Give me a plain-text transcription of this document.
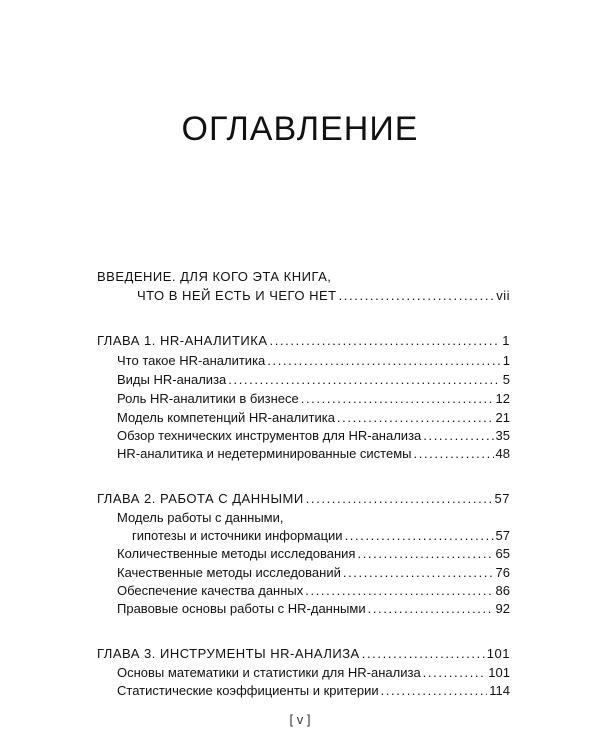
ОГЛАВЛЕНИЕ
ВВЕДЕНИЕ. ДЛЯ КОГО ЭТА КНИГА,
ЧТО В НЕЙ ЕСТЬ И ЧЕГО НЕТ . . .	vii
ГЛАВА 1. HR-АНАЛИТИКА . . .	1
Что такое HR-аналитика . . .	1
Виды HR-анализа . . .	5
Роль HR-аналитики в бизнесе . . .	12
Модель компетенций HR-аналитика . . .	21
Обзор технических инструментов для HR-анализа . . .	35
HR-аналитика и недетерминированные системы . . .	48
ГЛАВА 2. РАБОТА С ДАННЫМИ . . .	57
Модель работы с данными,
гипотезы и источники информации . . .	57
Количественные методы исследования . . .	65
Качественные методы исследований . . .	76
Обеспечение качества данных . . .	86
Правовые основы работы с HR-данными . . .	92
ГЛАВА 3. ИНСТРУМЕНТЫ HR-АНАЛИЗА . . .	101
Основы математики и статистики для HR-анализа . . .	101
Статистические коэффициенты и критерии . . .	114
[ v ]
